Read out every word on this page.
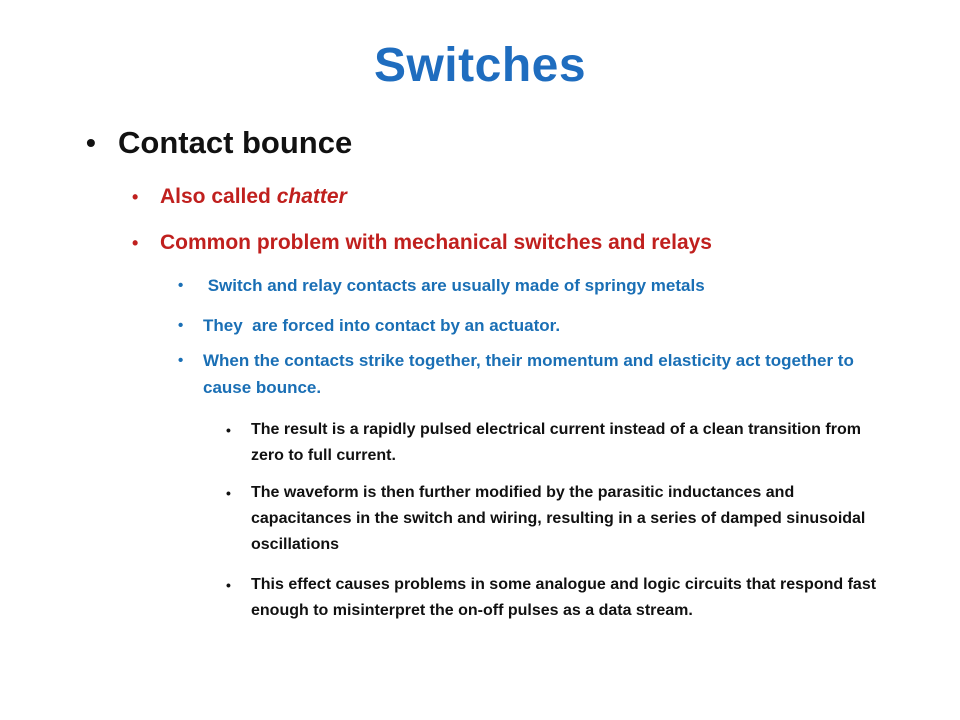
Switches
• Contact bounce
• Also called chatter
• Common problem with mechanical switches and relays
• Switch and relay contacts are usually made of springy metals
• They  are forced into contact by an actuator.
• When the contacts strike together, their momentum and elasticity act together to cause bounce.
• The result is a rapidly pulsed electrical current instead of a clean transition from zero to full current.
• The waveform is then further modified by the parasitic inductances and capacitances in the switch and wiring, resulting in a series of damped sinusoidal oscillations
• This effect causes problems in some analogue and logic circuits that respond fast enough to misinterpret the on-off pulses as a data stream.
